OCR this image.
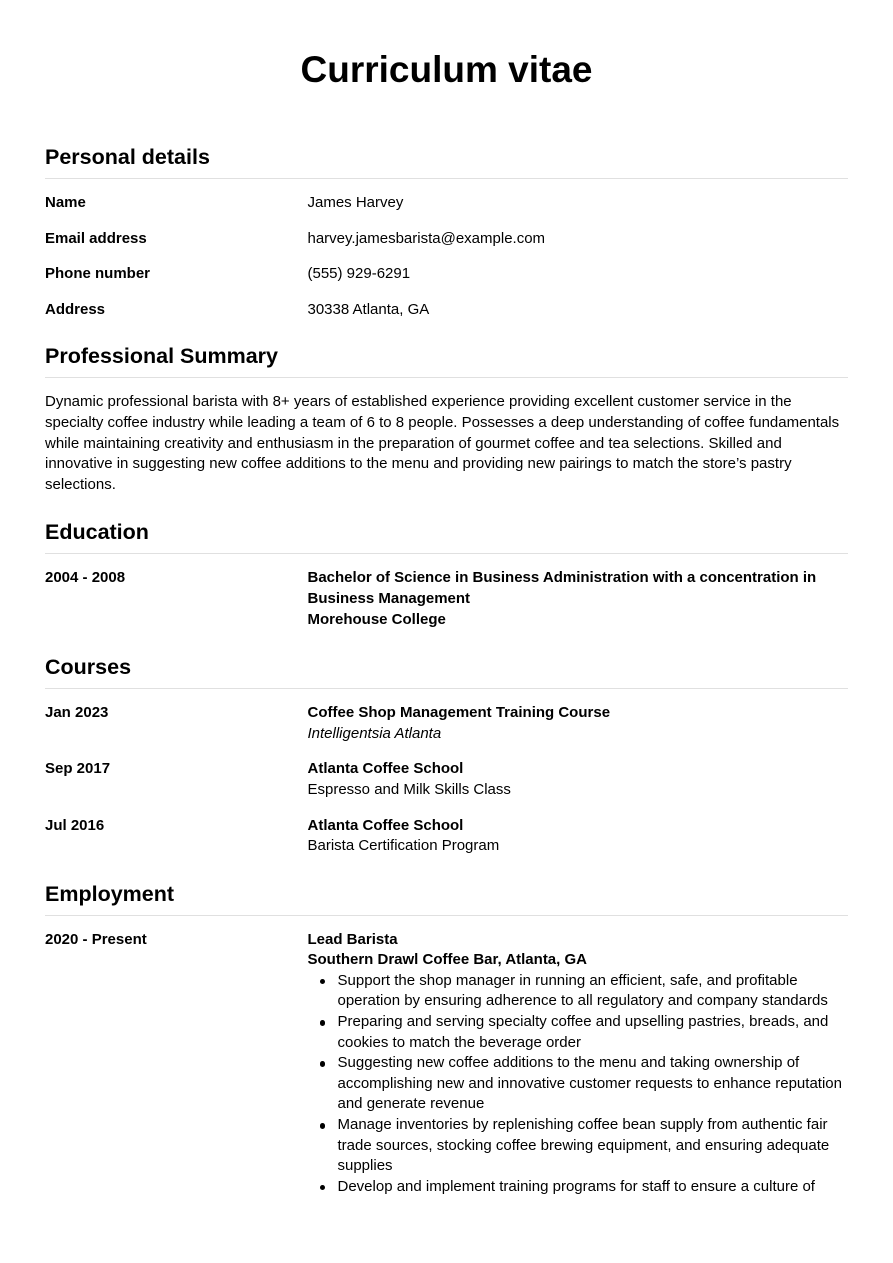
Curriculum vitae
Personal details
Name	James Harvey
Email address	harvey.jamesbarista@example.com
Phone number	(555) 929-6291
Address	30338 Atlanta, GA
Professional Summary

Dynamic professional barista with 8+ years of established experience providing excellent customer service in the specialty coffee industry while leading a team of 6 to 8 people. Possesses a deep understanding of coffee fundamentals while maintaining creativity and enthusiasm in the preparation of gourmet coffee and tea selections. Skilled and innovative in suggesting new coffee additions to the menu and providing new pairings to match the store’s pastry selections.

Education
2004 - 2008	Bachelor of Science in Business Administration with a concentration in Business Management
Morehouse College
Courses
Jan 2023	Coffee Shop Management Training Course
Intelligentsia Atlanta
Sep 2017	Atlanta Coffee School
Espresso and Milk Skills Class
Jul 2016	Atlanta Coffee School
Barista Certification Program
Employment
2020 - Present	Lead Barista
Southern Drawl Coffee Bar, Atlanta, GA
Support the shop manager in running an efficient, safe, and profitable operation by ensuring adherence to all regulatory and company standards
Preparing and serving specialty coffee and upselling pastries, breads, and cookies to match the beverage order
Suggesting new coffee additions to the menu and taking ownership of accomplishing new and innovative customer requests to enhance reputation and generate revenue
Manage inventories by replenishing coffee bean supply from authentic fair trade sources, stocking coffee brewing equipment, and ensuring adequate supplies
Develop and implement training programs for staff to ensure a culture of
